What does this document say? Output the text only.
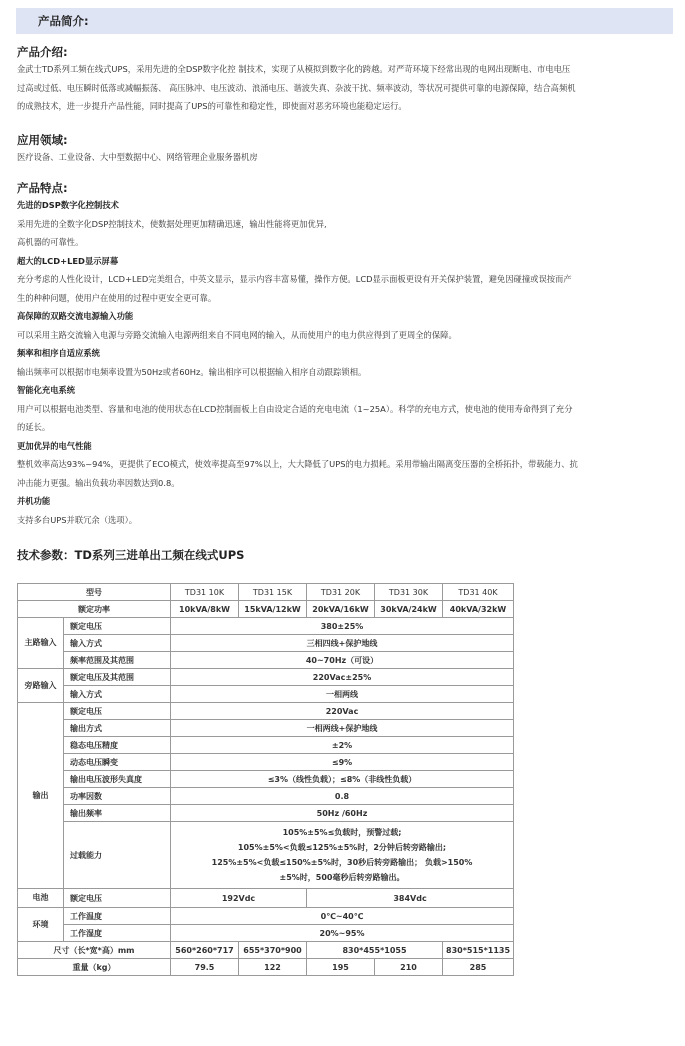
产品简介:

产品介绍:

金武士TD系列工频在线式UPS，采用先进的全DSP数字化控 制技术，实现了从模拟到数字化的跨越。对严苛环境下经常出现的电网出现断电、市电电压

过高或过低、电压瞬时低落或减幅振荡、 高压脉冲、电压波动、浪涌电压、谐波失真、杂波干扰、频率波动，等状况可提供可靠的电源保障，结合高频机

的成熟技术，进一步提升产品性能，同时提高了UPS的可靠性和稳定性，即使面对恶劣环境也能稳定运行。

应用领域:

医疗设备、工业设备、大中型数据中心、网络管理企业服务器机房

产品特点:

先进的DSP数字化控制技术

采用先进的全数字化DSP控制技术，使数据处理更加精确迅速，输出性能将更加优异,

高机器的可靠性。

超大的LCD+LED显示屏幕

充分考虑的人性化设计，LCD+LED完美组合，中英文显示，显示内容丰富易懂，操作方便。LCD显示面板更设有开关保护装置，避免因碰撞或误按而产

生的种种问题，使用户在使用的过程中更安全更可靠。

高保障的双路交流电源输入功能

可以采用主路交流输入电源与旁路交流输入电源两组来自不同电网的输入，从而使用户的电力供应得到了更周全的保障。

频率和相序自适应系统

输出频率可以根据市电频率设置为50Hz或者60Hz。输出相序可以根据输入相序自动跟踪锁相。

智能化充电系统

用户可以根据电池类型、容量和电池的使用状态在LCD控制面板上自由设定合适的充电电流（1~25A）。科学的充电方式，使电池的使用寿命得到了充分

的延长。

更加优异的电气性能

整机效率高达93%~94%，更提供了ECO模式，使效率提高至97%以上，大大降低了UPS的电力损耗。采用带输出隔离变压器的全桥拓扑，带载能力、抗

冲击能力更强。输出负载功率因数达到0.8。

并机功能

支持多台UPS并联冗余（选项）。

技术参数：TD系列三进单出工频在线式UPS

型号		TD31 10K	TD31 15K	TD31 20K	TD31 30K	TD31 40K
额定功率		10kVA/8kW	15kVA/12kW	20kVA/16kW	30kVA/24kW	40kVA/32kW
主路输入	额定电压	380±25%				
	输入方式	三相四线+保护地线				
	频率范围及其范围	40~70Hz（可设）				
旁路输入	额定电压及其范围	220Vac±25%				
	输入方式	一相两线				
输出	额定电压	220Vac				
	输出方式	一相两线+保护地线				
	稳态电压精度	±2%				
	动态电压瞬变	≤9%				
	输出电压波形失真度	≤3%（线性负载）；≤8%（非线性负载）				
	功率因数	0.8				
	输出频率	50Hz /60Hz				
	过载能力	105%±5%≤负载时，预警过载;
105%±5%<负载≤125%±5%时，2分钟后转旁路输出;
125%±5%<负载≤150%±5%时，30秒后转旁路输出； 负载>150%
±5%时，500毫秒后转旁路输出。				

电池	额定电压	192Vdc		384Vdc		
环境	工作温度	0℃~40℃				
	工作湿度	20%~95%				
尺寸（长*宽*高）mm		560*260*717	655*370*900	830*455*1055		830*515*1135
重量（kg）		79.5	122	195	210	285
